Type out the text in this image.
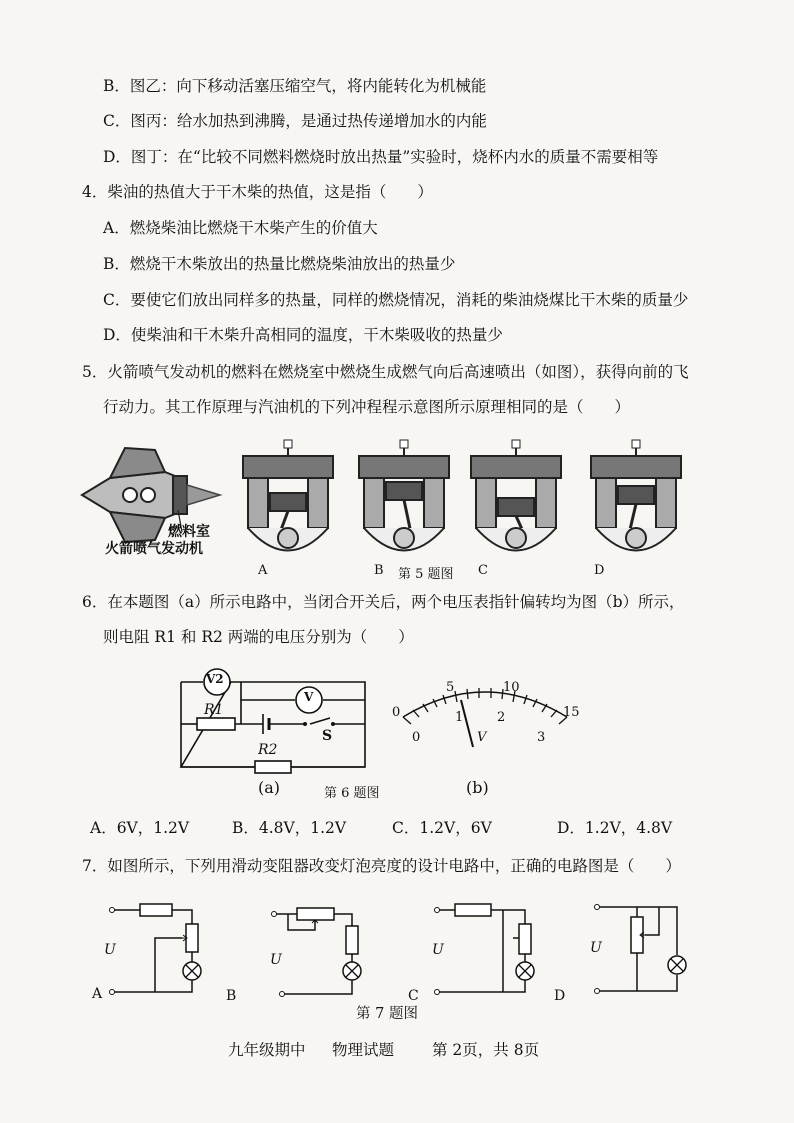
B．图乙：向下移动活塞压缩空气，将内能转化为机械能
C．图丙：给水加热到沸腾，是通过热传递增加水的内能
D．图丁：在“比较不同燃料燃烧时放出热量”实验时，烧杯内水的质量不需要相等
4．柴油的热值大于干木柴的热值，这是指（　　）
A．燃烧柴油比燃烧干木柴产生的价值大
B．燃烧干木柴放出的热量比燃烧柴油放出的热量少
C．要使它们放出同样多的热量，同样的燃烧情况，消耗的柴油烧煤比干木柴的质量少
D．使柴油和干木柴升高相同的温度，干木柴吸收的热量少
5．火箭喷气发动机的燃料在燃烧室中燃烧生成燃气向后高速喷出（如图），获得向前的飞
行动力。其工作原理与汽油机的下列冲程程示意图所示原理相同的是（　　）
燃料室
火箭喷气发动机
A	B 第 5 题图 C	D
6．在本题图（a）所示电路中，当闭合开关后，两个电压表指针偏转均为图（b）所示，
则电阻 R1 和 R2 两端的电压分别为（　　）
V2
V
R1
S
R2
(a)	第 6 题图	(b)
0
5	10
15
0
1	2
3
V
A．6V，1.2V	B．4.8V，1.2V	C．1.2V，6V	D．1.2V，4.8V
7．如图所示，下列用滑动变阻器改变灯泡亮度的设计电路中，正确的电路图是（　　）
U
U
U	U
A	B	C	D
第 7 题图
九年级期中 物理试题 第 2页，共 8页
